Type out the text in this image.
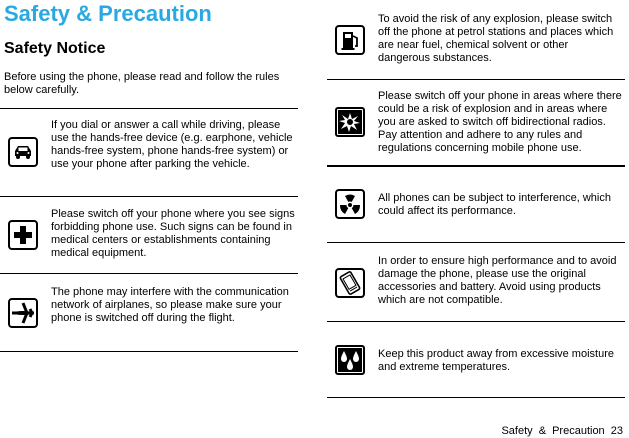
Safety & Precaution
Safety Notice
Before using the phone, please read and follow the rules below carefully.
If you dial or answer a call while driving, please use the hands-free device (e.g. earphone, vehicle hands-free system, phone hands-free system) or use your phone after parking the vehicle.
Please switch off your phone where you see signs forbidding phone use. Such signs can be found in medical centers or establishments containing medical equipment.
The phone may interfere with the communication network of airplanes, so please make sure your phone is switched off during the flight.
To avoid the risk of any explosion, please switch off the phone at petrol stations and places which are near fuel, chemical solvent or other dangerous substances.
Please switch off your phone in areas where there could be a risk of explosion and in areas where you are asked to switch off bidirectional radios. Pay attention and adhere to any rules and regulations concerning mobile phone use.
All phones can be subject to interference, which could affect its performance.
In order to ensure high performance and to avoid damage the phone, please use the original accessories and battery. Avoid using products which are not compatible.
Keep this product away from excessive moisture and extreme temperatures.
Safety & Precaution 23
